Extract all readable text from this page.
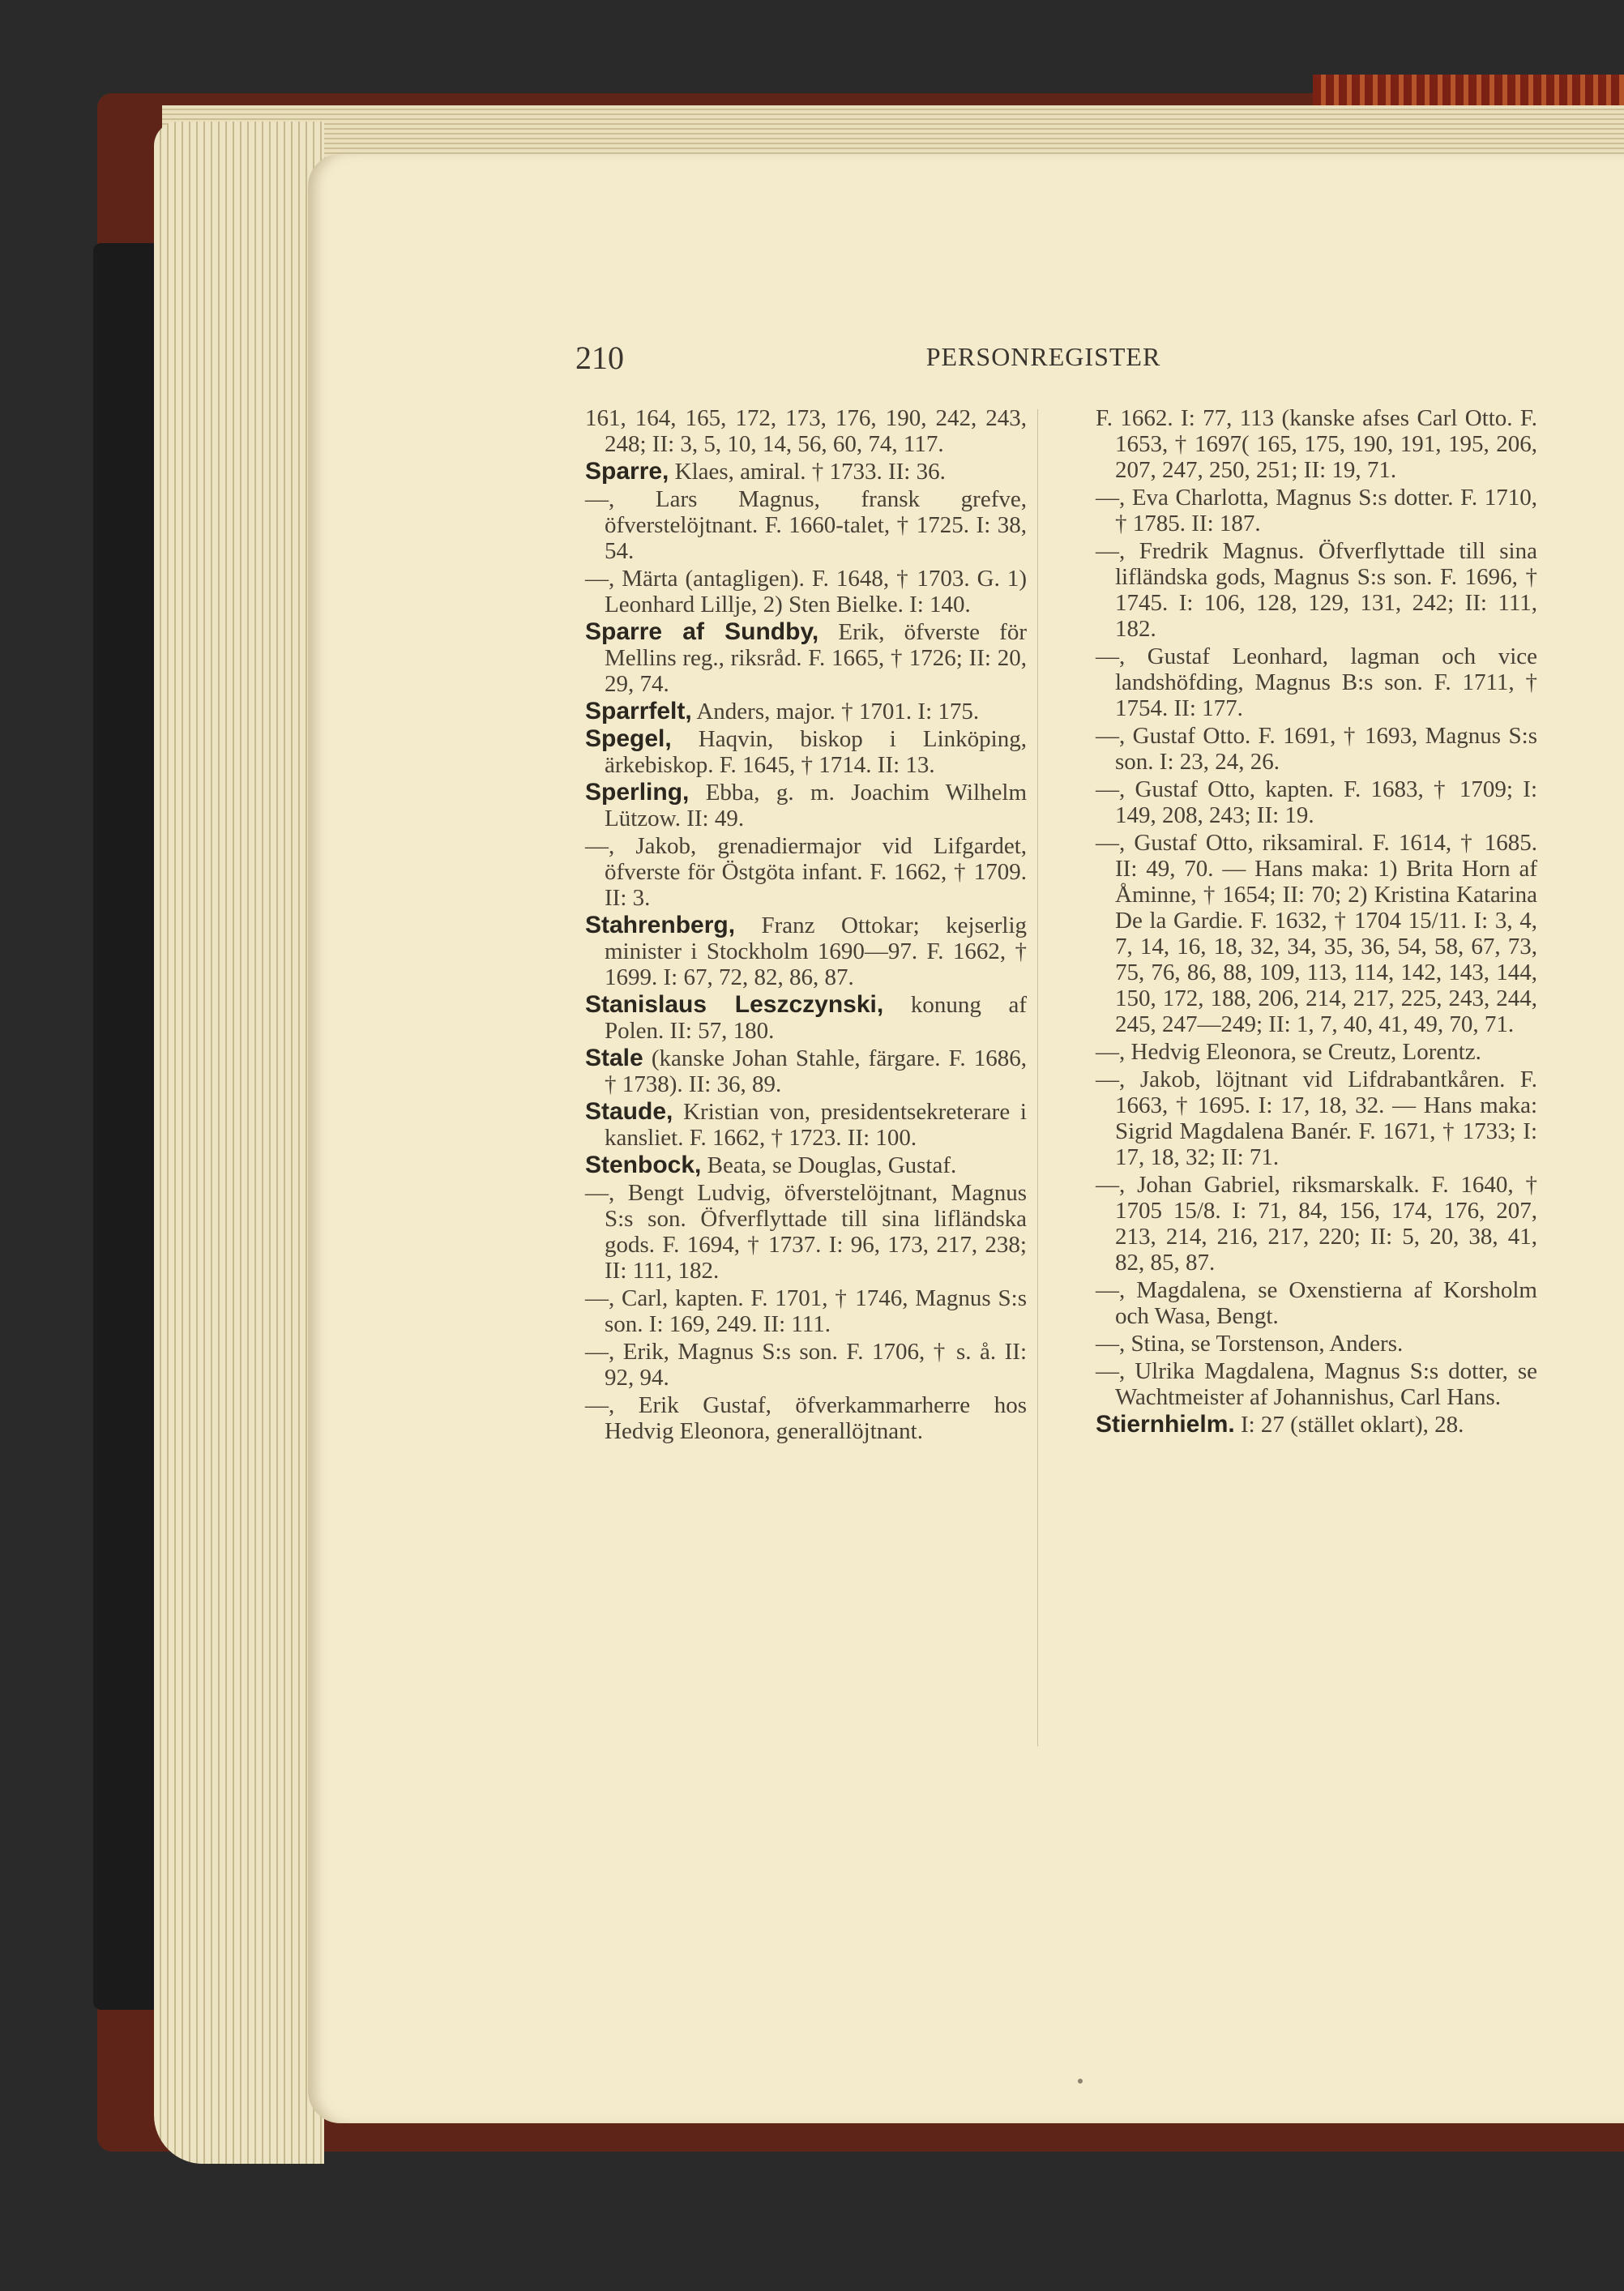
210	PERSONREGISTER
161, 164, 165, 172, 173, 176, 190, 242, 243, 248; II: 3, 5, 10, 14, 56, 60, 74, 117.
Sparre, Klaes, amiral. † 1733. II: 36.
—, Lars Magnus, fransk grefve, öfverstelöjtnant. F. 1660-talet, † 1725. I: 38, 54.
—, Märta (antagligen). F. 1648, † 1703. G. 1) Leonhard Lillje, 2) Sten Bielke. I: 140.
Sparre af Sundby, Erik, öfverste för Mellins reg., riksråd. F. 1665, † 1726; II: 20, 29, 74.
Sparrfelt, Anders, major. † 1701. I: 175.
Spegel, Haqvin, biskop i Linköping, ärkebiskop. F. 1645, † 1714. II: 13.
Sperling, Ebba, g. m. Joachim Wilhelm Lützow. II: 49.
—, Jakob, grenadiermajor vid Lifgardet, öfverste för Östgöta infant. F. 1662, † 1709. II: 3.
Stahrenberg, Franz Ottokar; kejserlig minister i Stockholm 1690—97. F. 1662, † 1699. I: 67, 72, 82, 86, 87.
Stanislaus Leszczynski, konung af Polen. II: 57, 180.
Stale (kanske Johan Stahle, färgare. F. 1686, † 1738). II: 36, 89.
Staude, Kristian von, presidentsekreterare i kansliet. F. 1662, † 1723. II: 100.
Stenbock, Beata, se Douglas, Gustaf.
—, Bengt Ludvig, öfverstelöjtnant, Magnus S:s son. Öfverflyttade till sina lifländska gods. F. 1694, † 1737. I: 96, 173, 217, 238; II: 111, 182.
—, Carl, kapten. F. 1701, † 1746, Magnus S:s son. I: 169, 249. II: 111.
—, Erik, Magnus S:s son. F. 1706, † s. å. II: 92, 94.
—, Erik Gustaf, öfverkammarherre hos Hedvig Eleonora, generallöjtnant.
F. 1662. I: 77, 113 (kanske afses Carl Otto. F. 1653, † 1697( 165, 175, 190, 191, 195, 206, 207, 247, 250, 251; II: 19, 71.
—, Eva Charlotta, Magnus S:s dotter. F. 1710, † 1785. II: 187.
—, Fredrik Magnus. Öfverflyttade till sina lifländska gods, Magnus S:s son. F. 1696, † 1745. I: 106, 128, 129, 131, 242; II: 111, 182.
—, Gustaf Leonhard, lagman och vice landshöfding, Magnus B:s son. F. 1711, † 1754. II: 177.
—, Gustaf Otto. F. 1691, † 1693, Magnus S:s son. I: 23, 24, 26.
—, Gustaf Otto, kapten. F. 1683, † 1709; I: 149, 208, 243; II: 19.
—, Gustaf Otto, riksamiral. F. 1614, † 1685. II: 49, 70. — Hans maka: 1) Brita Horn af Åminne, † 1654; II: 70; 2) Kristina Katarina De la Gardie. F. 1632, † 1704 15/11. I: 3, 4, 7, 14, 16, 18, 32, 34, 35, 36, 54, 58, 67, 73, 75, 76, 86, 88, 109, 113, 114, 142, 143, 144, 150, 172, 188, 206, 214, 217, 225, 243, 244, 245, 247—249; II: 1, 7, 40, 41, 49, 70, 71.
—, Hedvig Eleonora, se Creutz, Lorentz.
—, Jakob, löjtnant vid Lifdrabantkåren. F. 1663, † 1695. I: 17, 18, 32. — Hans maka: Sigrid Magdalena Banér. F. 1671, † 1733; I: 17, 18, 32; II: 71.
—, Johan Gabriel, riksmarskalk. F. 1640, † 1705 15/8. I: 71, 84, 156, 174, 176, 207, 213, 214, 216, 217, 220; II: 5, 20, 38, 41, 82, 85, 87.
—, Magdalena, se Oxenstierna af Korsholm och Wasa, Bengt.
—, Stina, se Torstenson, Anders.
—, Ulrika Magdalena, Magnus S:s dotter, se Wachtmeister af Johannishus, Carl Hans.
Stiernhielm. I: 27 (stället oklart), 28.
